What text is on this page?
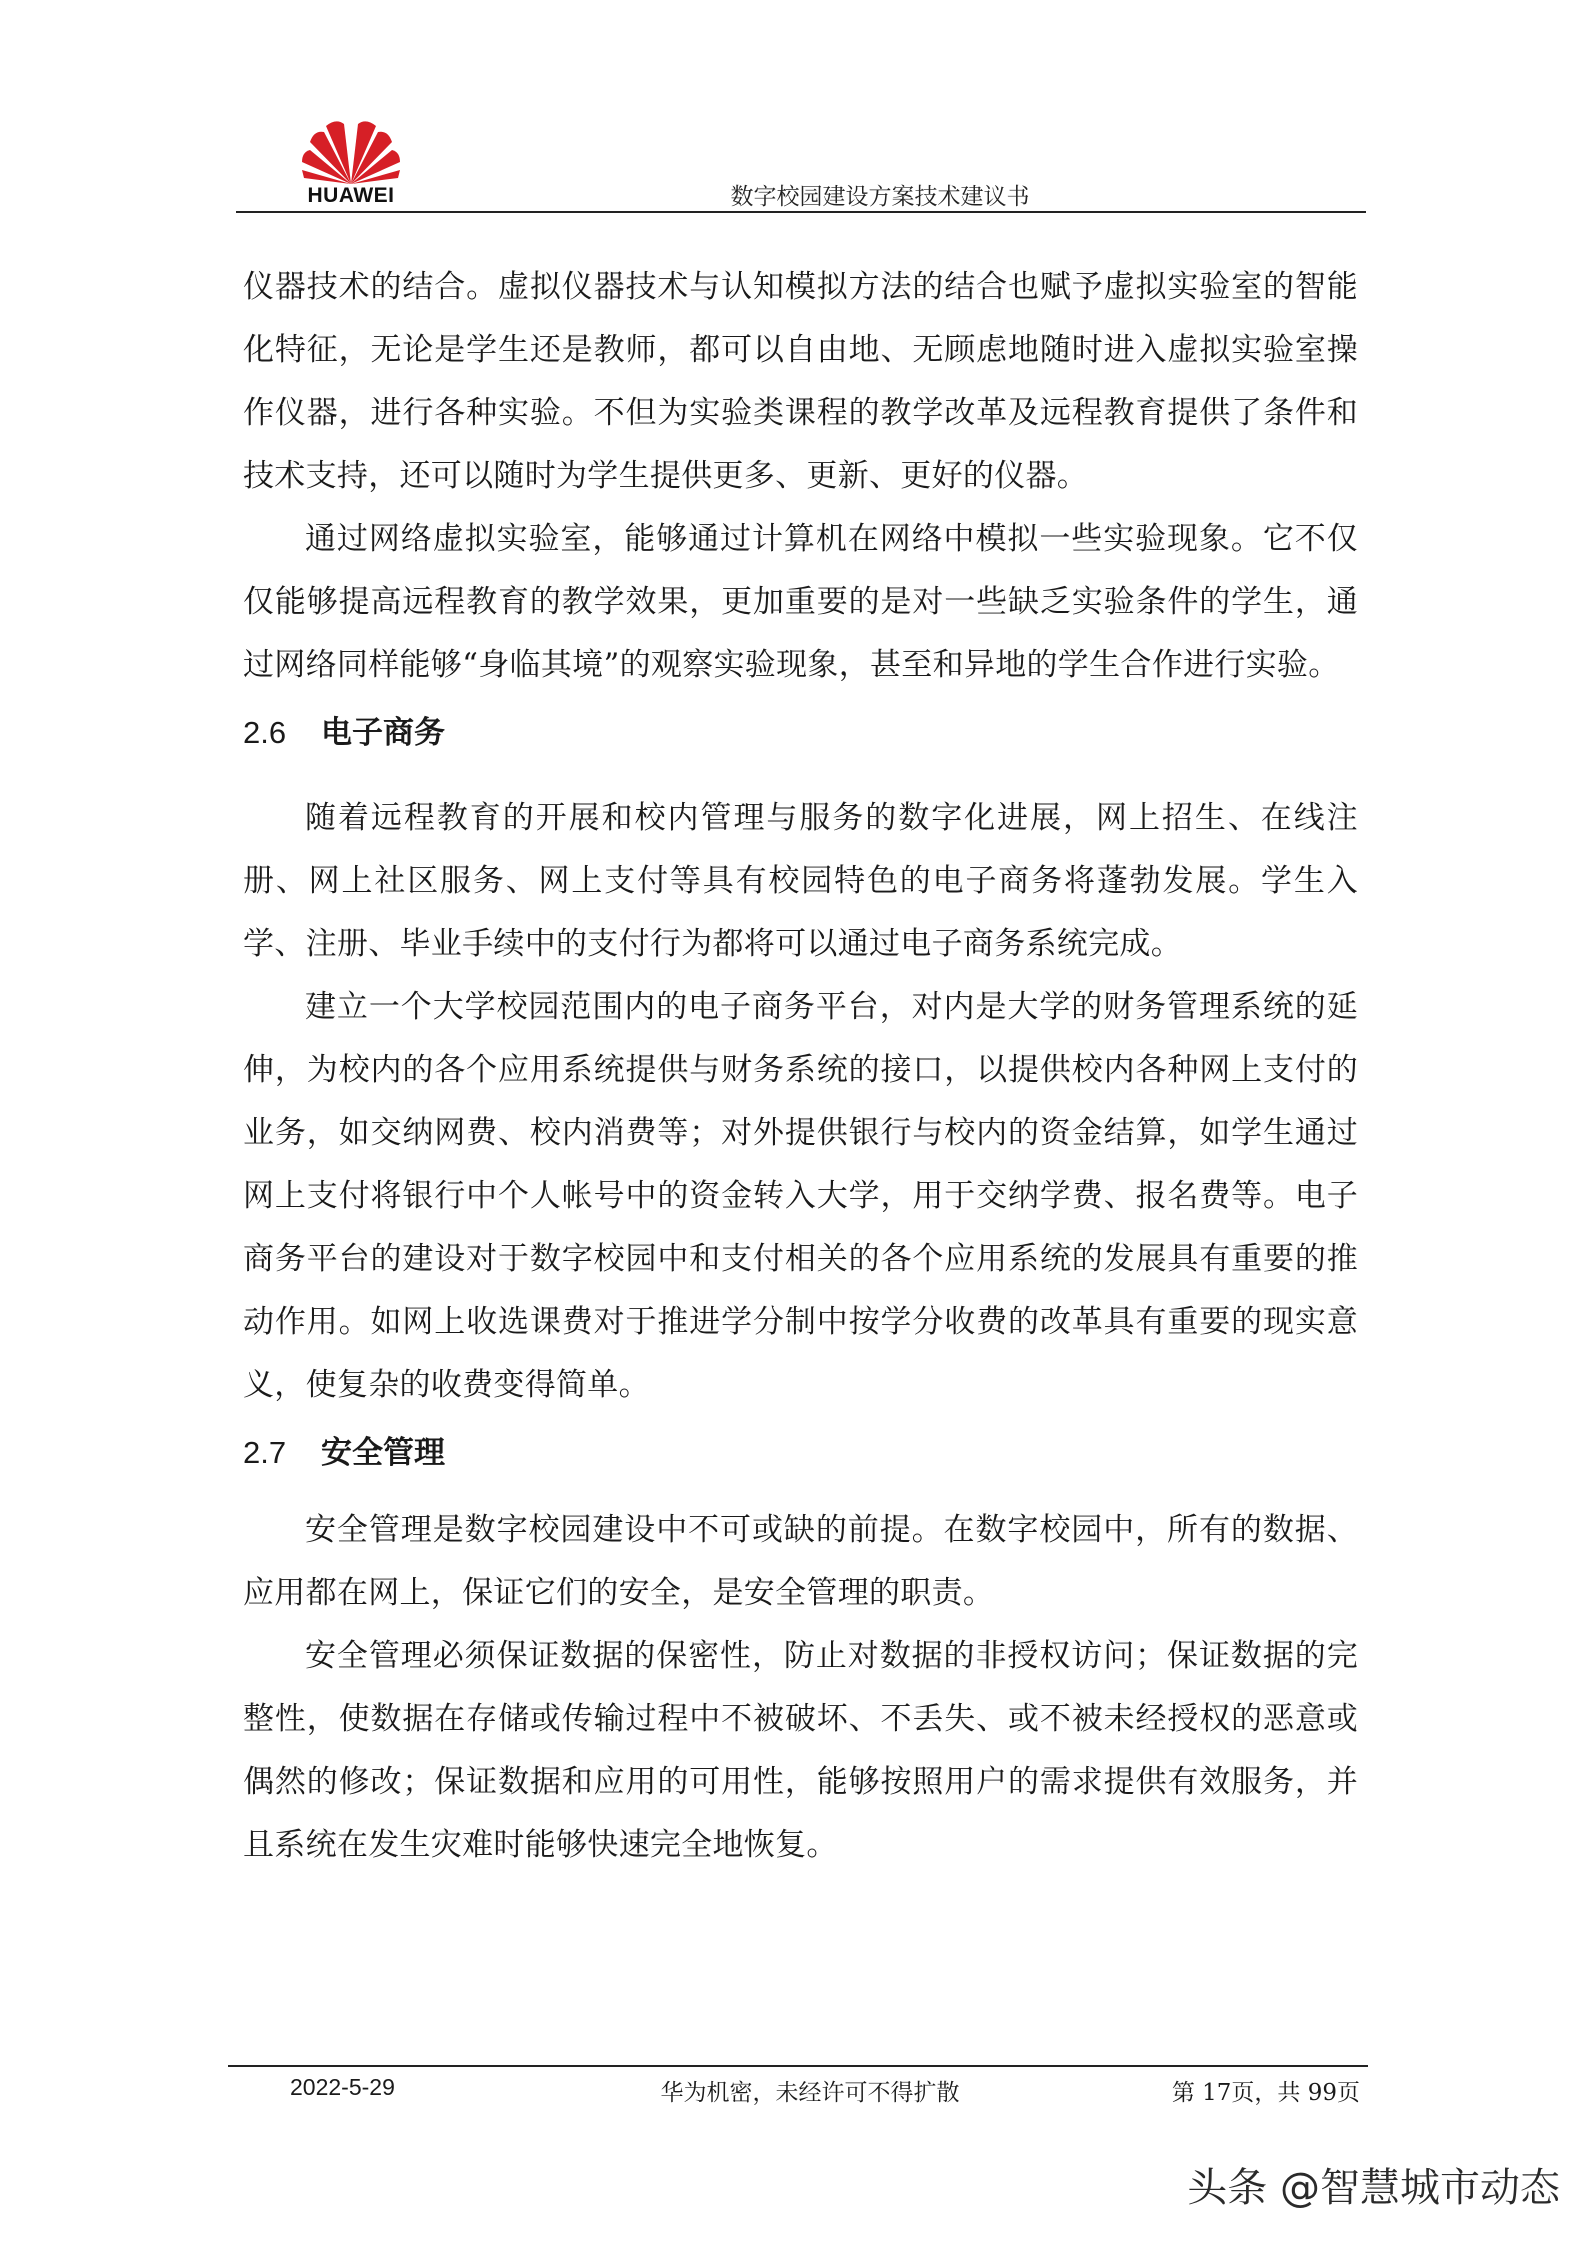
HUAWEI	数字校园建设方案技术建议书

仪器技术的结合。虚拟仪器技术与认知模拟方法的结合也赋予虚拟实验室的智能化特征，无论是学生还是教师，都可以自由地、无顾虑地随时进入虚拟实验室操作仪器，进行各种实验。不但为实验类课程的教学改革及远程教育提供了条件和技术支持，还可以随时为学生提供更多、更新、更好的仪器。

通过网络虚拟实验室，能够通过计算机在网络中模拟一些实验现象。它不仅仅能够提高远程教育的教学效果，更加重要的是对一些缺乏实验条件的学生，通过网络同样能够“身临其境”的观察实验现象，甚至和异地的学生合作进行实验。

2.6 电子商务

随着远程教育的开展和校内管理与服务的数字化进展，网上招生、在线注册、网上社区服务、网上支付等具有校园特色的电子商务将蓬勃发展。学生入学、注册、毕业手续中的支付行为都将可以通过电子商务系统完成。

建立一个大学校园范围内的电子商务平台，对内是大学的财务管理系统的延伸，为校内的各个应用系统提供与财务系统的接口，以提供校内各种网上支付的业务，如交纳网费、校内消费等；对外提供银行与校内的资金结算，如学生通过网上支付将银行中个人帐号中的资金转入大学，用于交纳学费、报名费等。电子商务平台的建设对于数字校园中和支付相关的各个应用系统的发展具有重要的推动作用。如网上收选课费对于推进学分制中按学分收费的改革具有重要的现实意义，使复杂的收费变得简单。

2.7 安全管理

安全管理是数字校园建设中不可或缺的前提。在数字校园中，所有的数据、应用都在网上，保证它们的安全，是安全管理的职责。

安全管理必须保证数据的保密性，防止对数据的非授权访问；保证数据的完整性，使数据在存储或传输过程中不被破坏、不丢失、或不被未经授权的恶意或偶然的修改；保证数据和应用的可用性，能够按照用户的需求提供有效服务，并且系统在发生灾难时能够快速完全地恢复。

2022-5-29	华为机密，未经许可不得扩散	第 17页，共 99页
头条 @智慧城市动态
